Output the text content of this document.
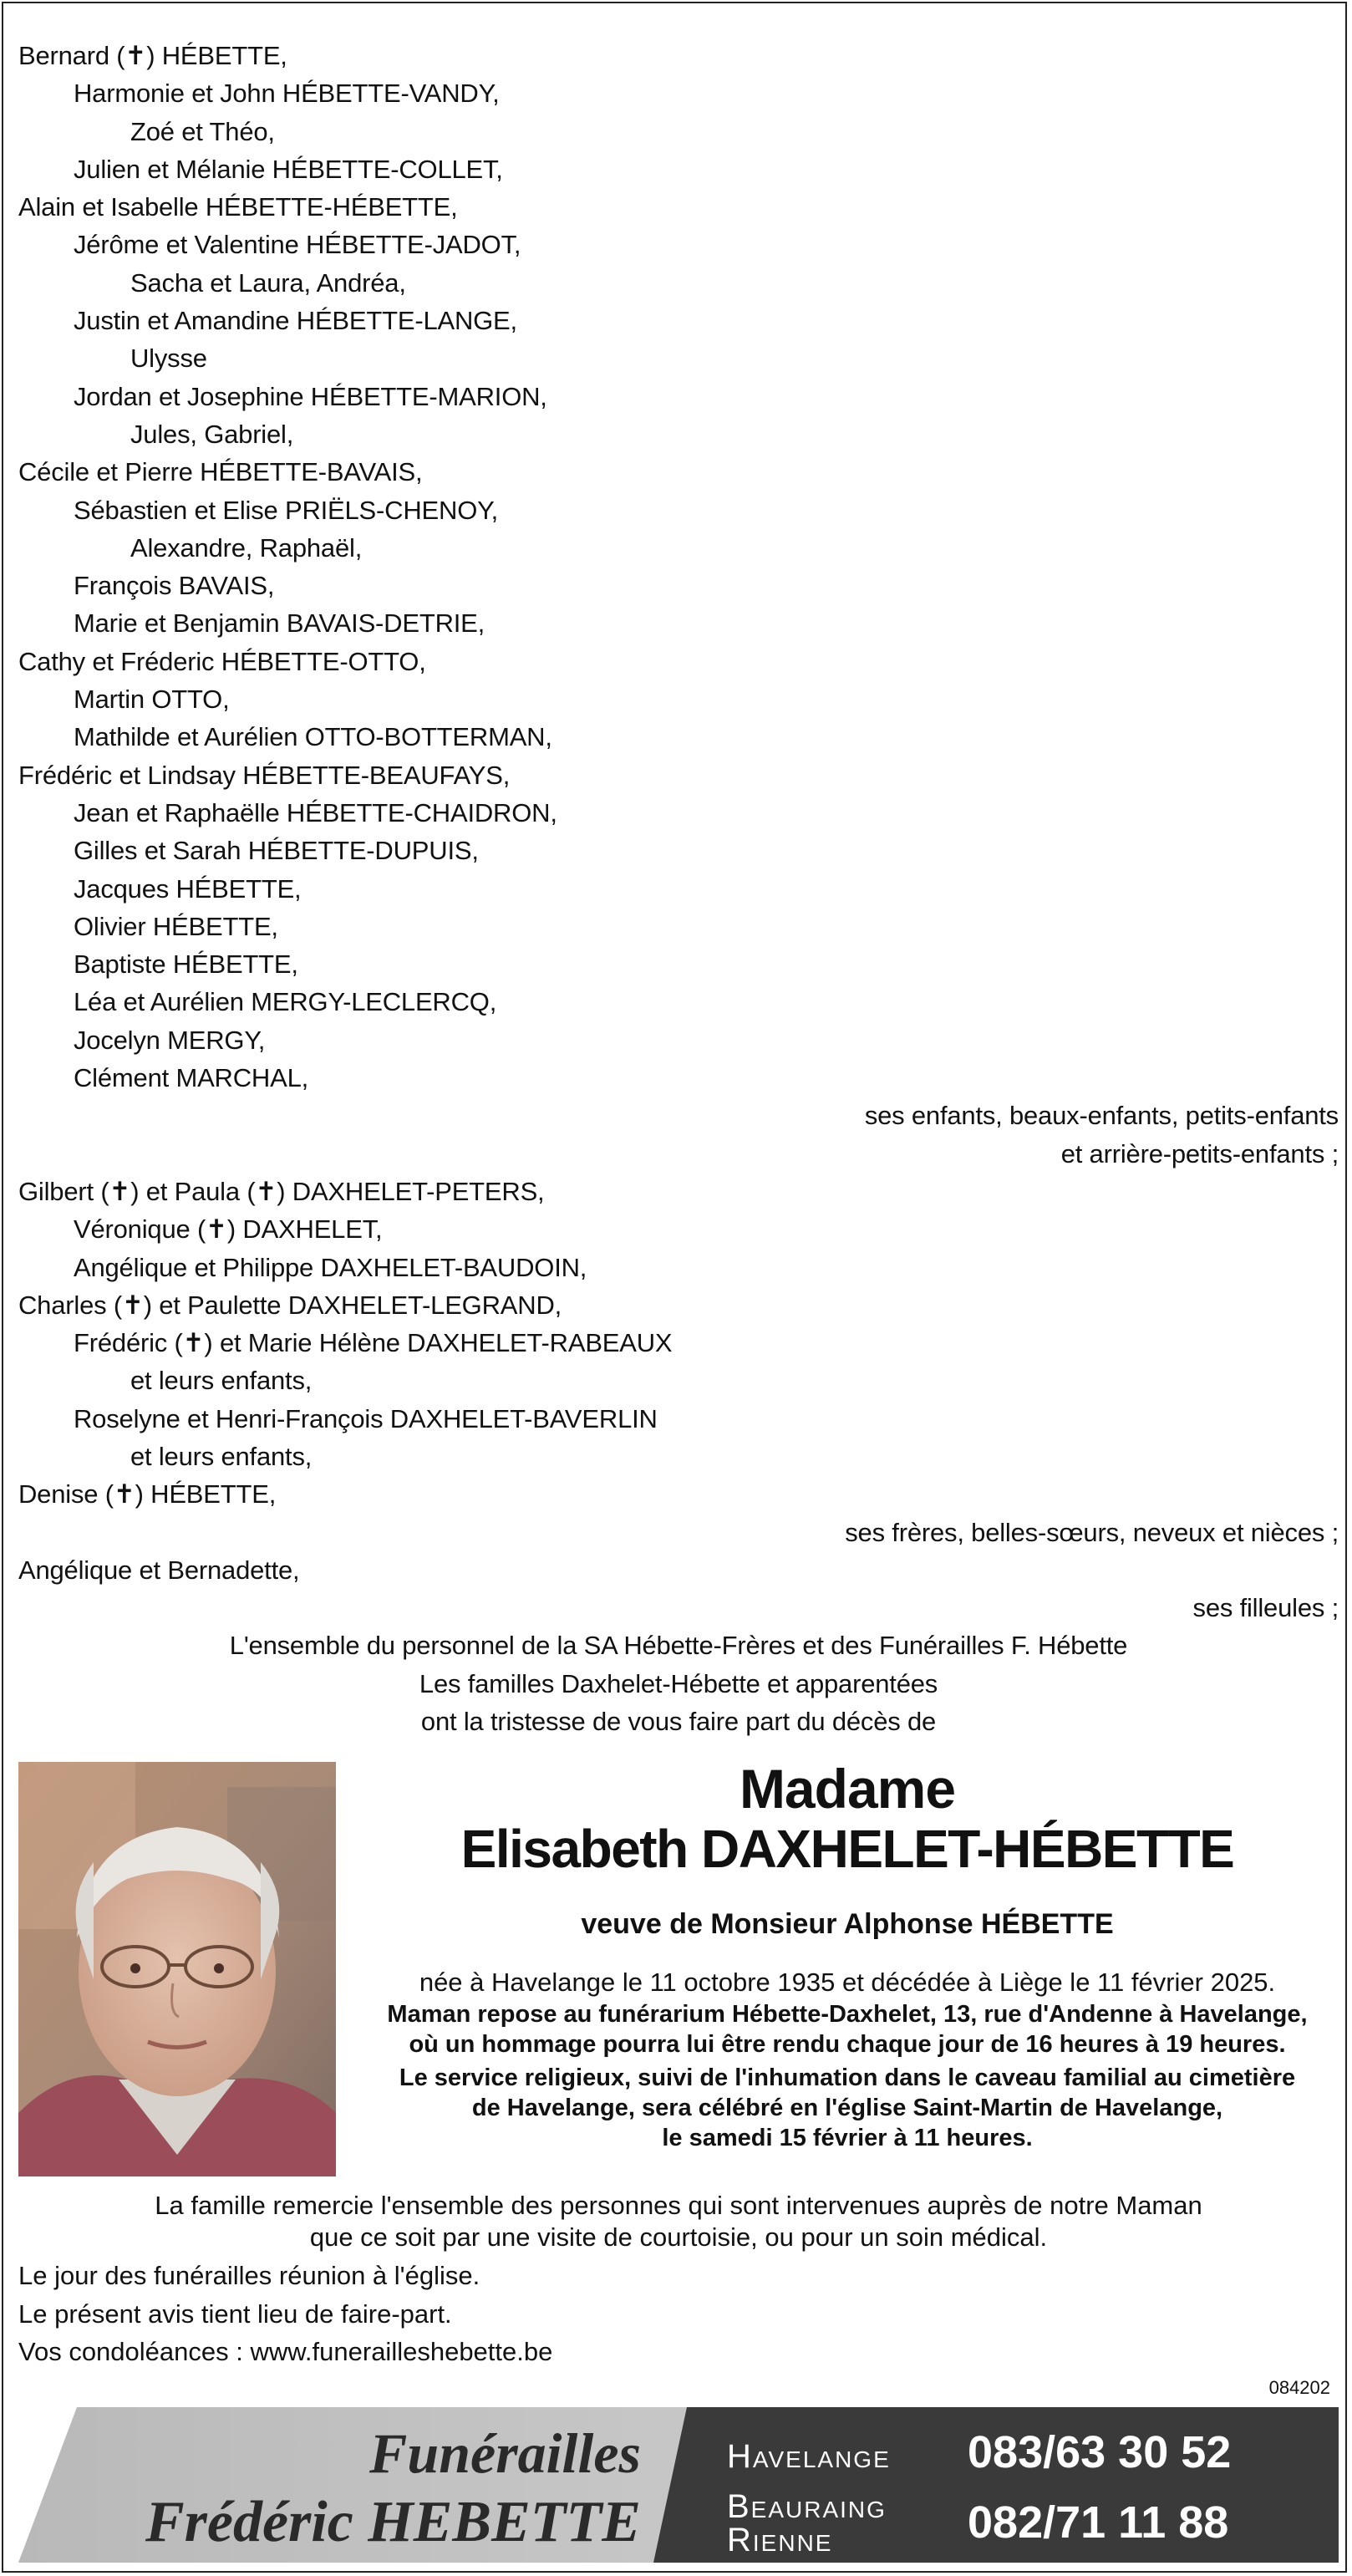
Bernard (✝) HÉBETTE,
Harmonie et John HÉBETTE-VANDY,
Zoé et Théo,
Julien et Mélanie HÉBETTE-COLLET,
Alain et Isabelle HÉBETTE-HÉBETTE,
Jérôme et Valentine HÉBETTE-JADOT,
Sacha et Laura, Andréa,
Justin et Amandine HÉBETTE-LANGE,
Ulysse
Jordan et Josephine HÉBETTE-MARION,
Jules, Gabriel,
Cécile et Pierre HÉBETTE-BAVAIS,
Sébastien et Elise PRIËLS-CHENOY,
Alexandre, Raphaël,
François BAVAIS,
Marie et Benjamin BAVAIS-DETRIE,
Cathy et Fréderic HÉBETTE-OTTO,
Martin OTTO,
Mathilde et Aurélien OTTO-BOTTERMAN,
Frédéric et Lindsay HÉBETTE-BEAUFAYS,
Jean et Raphaëlle HÉBETTE-CHAIDRON,
Gilles et Sarah HÉBETTE-DUPUIS,
Jacques HÉBETTE,
Olivier HÉBETTE,
Baptiste HÉBETTE,
Léa et Aurélien MERGY-LECLERCQ,
Jocelyn MERGY,
Clément MARCHAL,
ses enfants, beaux-enfants, petits-enfants
et arrière-petits-enfants ;
Gilbert (✝) et Paula (✝) DAXHELET-PETERS,
Véronique (✝) DAXHELET,
Angélique et Philippe DAXHELET-BAUDOIN,
Charles (✝) et Paulette DAXHELET-LEGRAND,
Frédéric (✝) et Marie Hélène DAXHELET-RABEAUX
et leurs enfants,
Roselyne et Henri-François DAXHELET-BAVERLIN
et leurs enfants,
Denise (✝) HÉBETTE,
ses frères, belles-sœurs, neveux et nièces ;
Angélique et Bernadette,
ses filleules ;
L'ensemble du personnel de la SA Hébette-Frères et des Funérailles F. Hébette
Les familles Daxhelet-Hébette et apparentées
ont la tristesse de vous faire part du décès de
Madame
Elisabeth DAXHELET-HÉBETTE
veuve de Monsieur Alphonse HÉBETTE
née à Havelange le 11 octobre 1935 et décédée à Liège le 11 février 2025.
Maman repose au funérarium Hébette-Daxhelet, 13, rue d'Andenne à Havelange,
où un hommage pourra lui être rendu chaque jour de 16 heures à 19 heures.
Le service religieux, suivi de l'inhumation dans le caveau familial au cimetière
de Havelange, sera célébré en l'église Saint-Martin de Havelange,
le samedi 15 février à 11 heures.
La famille remercie l'ensemble des personnes qui sont intervenues auprès de notre Maman
que ce soit par une visite de courtoisie, ou pour un soin médical.
Le jour des funérailles réunion à l'église.
Le présent avis tient lieu de faire-part.
Vos condoléances : www.funerailleshebette.be
084202
Funérailles
Frédéric HEBETTE
Havelange 083/63 30 52
Beauraing
Rienne	082/71 11 88
